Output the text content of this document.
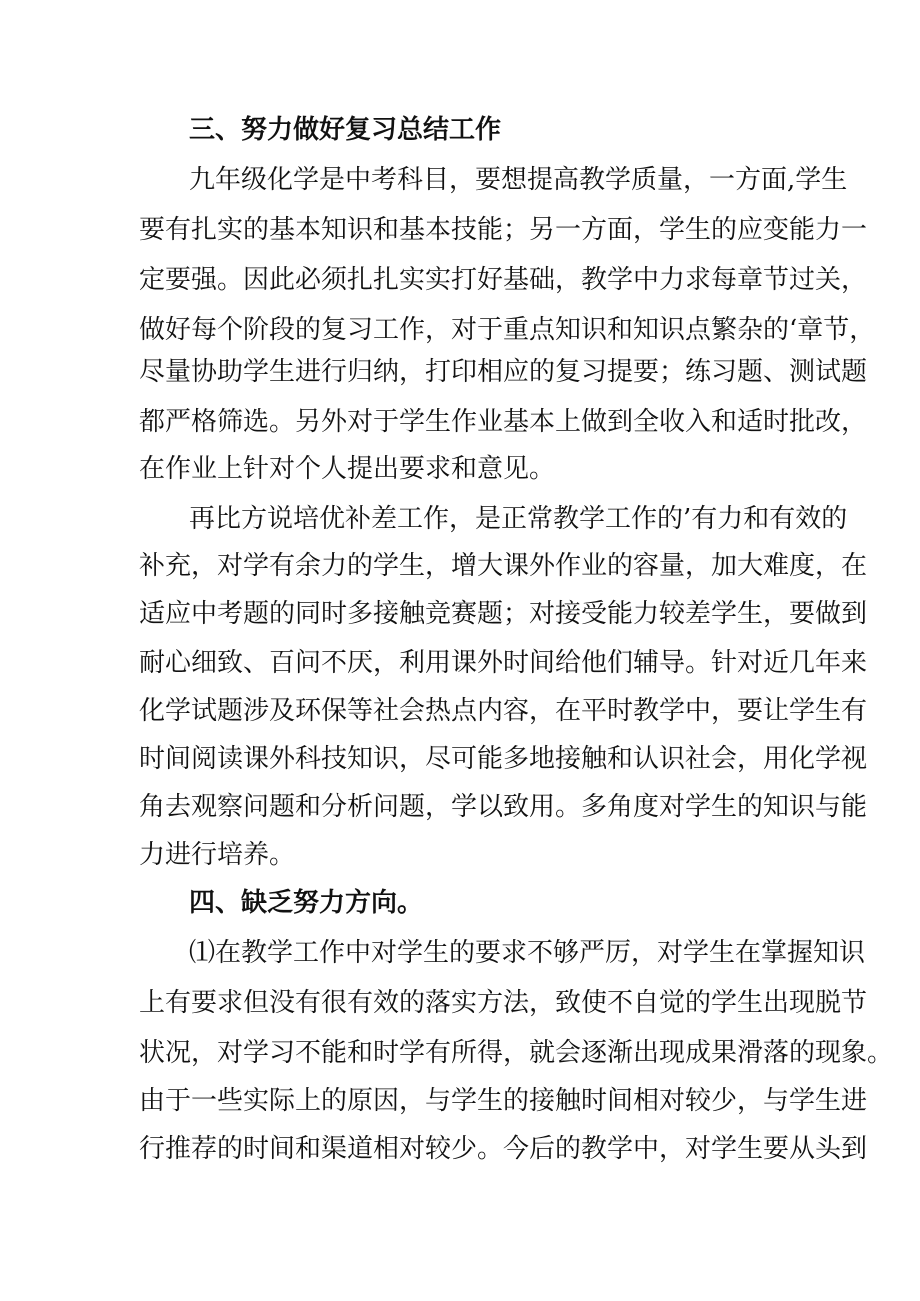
三、努力做好复习总结工作
九年级化学是中考科目，要想提高教学质量，一方面,学生
要有扎实的基本知识和基本技能；另一方面，学生的应变能力一
定要强。因此必须扎扎实实打好基础，教学中力求每章节过关，
做好每个阶段的复习工作，对于重点知识和知识点繁杂的‘章节，
尽量协助学生进行归纳，打印相应的复习提要；练习题、测试题
都严格筛选。另外对于学生作业基本上做到全收入和适时批改，
在作业上针对个人提出要求和意见。
再比方说培优补差工作，是正常教学工作的’有力和有效的
补充，对学有余力的学生，增大课外作业的容量，加大难度，在
适应中考题的同时多接触竞赛题；对接受能力较差学生，要做到
耐心细致、百问不厌，利用课外时间给他们辅导。针对近几年来
化学试题涉及环保等社会热点内容，在平时教学中，要让学生有
时间阅读课外科技知识，尽可能多地接触和认识社会，用化学视
角去观察问题和分析问题，学以致用。多角度对学生的知识与能
力进行培养。
四、缺乏努力方向。
⑴在教学工作中对学生的要求不够严厉，对学生在掌握知识
上有要求但没有很有效的落实方法，致使不自觉的学生出现脱节
状况，对学习不能和时学有所得，就会逐渐出现成果滑落的现象。
由于一些实际上的原因，与学生的接触时间相对较少，与学生进
行推荐的时间和渠道相对较少。今后的教学中，对学生要从头到
